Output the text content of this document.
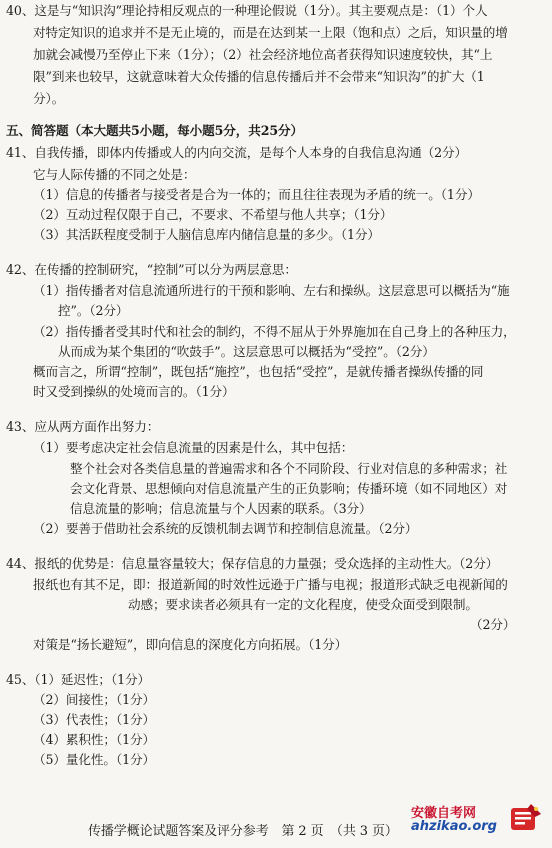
40、这是与“知识沟”理论持相反观点的一种理论假说（1分）。其主要观点是：（1）个人
对特定知识的追求并不是无止境的，而是在达到某一上限（饱和点）之后，知识量的增
加就会减慢乃至停止下来（1分）；（2）社会经济地位高者获得知识速度较快，其“上
限”到来也较早，这就意味着大众传播的信息传播后并不会带来“知识沟”的扩大（1
分）。
五、简答题（本大题共5小题，每小题5分，共25分）
41、自我传播，即体内传播或人的内向交流，是每个人本身的自我信息沟通（2分）
它与人际传播的不同之处是：
（1）信息的传播者与接受者是合为一体的；而且往往表现为矛盾的统一。（1分）
（2）互动过程仅限于自己，不要求、不希望与他人共享；（1分）
（3）其活跃程度受制于人脑信息库内储信息量的多少。（1分）
42、在传播的控制研究，“控制”可以分为两层意思：
（1）指传播者对信息流通所进行的干预和影响、左右和操纵。这层意思可以概括为“施
控”。（2分）
（2）指传播者受其时代和社会的制约，不得不屈从于外界施加在自己身上的各种压力，
从而成为某个集团的“吹鼓手”。这层意思可以概括为“受控”。（2分）
概而言之，所谓“控制”，既包括“施控”，也包括“受控”，是就传播者操纵传播的同
时又受到操纵的处境而言的。（1分）
43、应从两方面作出努力：
（1）要考虑决定社会信息流量的因素是什么，其中包括：
整个社会对各类信息量的普遍需求和各个不同阶段、行业对信息的多种需求；社
会文化背景、思想倾向对信息流量产生的正负影响；传播环境（如不同地区）对
信息流量的影响；信息流量与个人因素的联系。（3分）
（2）要善于借助社会系统的反馈机制去调节和控制信息流量。（2分）
44、报纸的优势是：信息量容量较大；保存信息的力量强；受众选择的主动性大。（2分）
报纸也有其不足，即：报道新闻的时效性远逊于广播与电视；报道形式缺乏电视新闻的
动感；要求读者必须具有一定的文化程度，使受众面受到限制。
（2分）
对策是“扬长避短”，即向信息的深度化方向拓展。（1分）
45、（1）延迟性；（1分）
（2）间接性；（1分）
（3）代表性；（1分）
（4）累积性；（1分）
（5）量化性。（1分）
传播学概论试题答案及评分参考　第 2 页　（共 3 页）
安徽自考网
ahzikao.org
